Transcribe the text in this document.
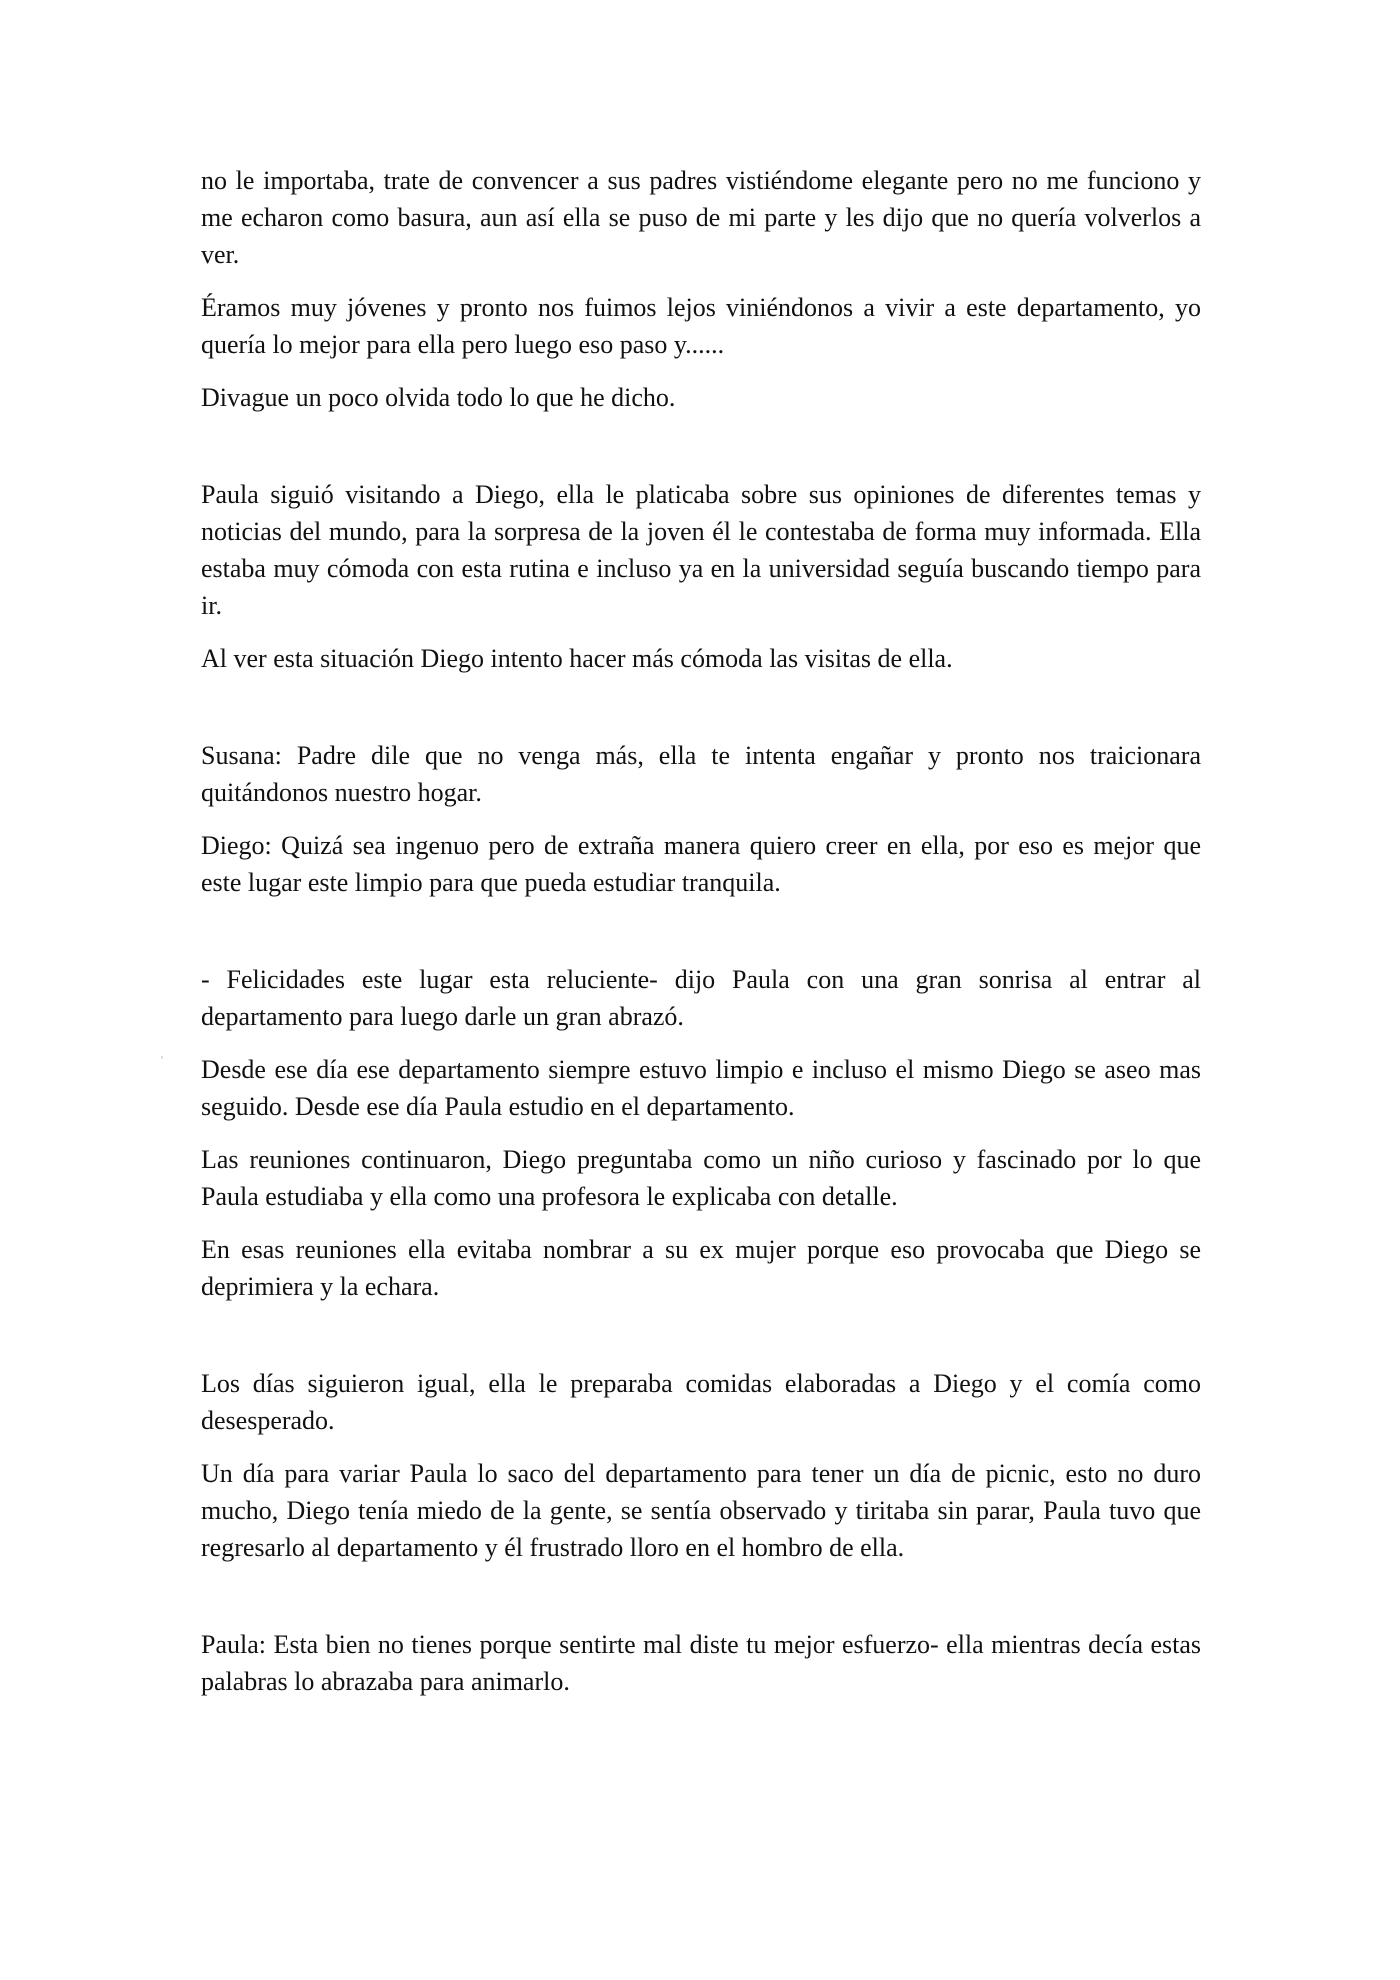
no le importaba, trate de convencer a sus padres vistiéndome elegante pero no me funciono y me echaron como basura, aun así ella se puso de mi parte y les dijo que no quería volverlos a ver.

Éramos muy jóvenes y pronto nos fuimos lejos viniéndonos a vivir a este departamento, yo quería lo mejor para ella pero luego eso paso y......

Divague un poco olvida todo lo que he dicho.

Paula siguió visitando a Diego, ella le platicaba sobre sus opiniones de diferentes temas y noticias del mundo, para la sorpresa de la joven él le contestaba de forma muy informada. Ella estaba muy cómoda con esta rutina e incluso ya en la universidad seguía buscando tiempo para ir.

Al ver esta situación Diego intento hacer más cómoda las visitas de ella.

Susana: Padre dile que no venga más, ella te intenta engañar y pronto nos traicionara quitándonos nuestro hogar.

Diego: Quizá sea ingenuo pero de extraña manera quiero creer en ella, por eso es mejor que este lugar este limpio para que pueda estudiar tranquila.

- Felicidades este lugar esta reluciente- dijo Paula con una gran sonrisa al entrar al departamento para luego darle un gran abrazó.

Desde ese día ese departamento siempre estuvo limpio e incluso el mismo Diego se aseo mas seguido. Desde ese día Paula estudio en el departamento.

Las reuniones continuaron, Diego preguntaba como un niño curioso y fascinado por lo que Paula estudiaba y ella como una profesora le explicaba con detalle.

En esas reuniones ella evitaba nombrar a su ex mujer porque eso provocaba que Diego se deprimiera y la echara.

Los días siguieron igual, ella le preparaba comidas elaboradas a Diego y el comía como desesperado.

Un día para variar Paula lo saco del departamento para tener un día de picnic, esto no duro mucho, Diego tenía miedo de la gente, se sentía observado y tiritaba sin parar, Paula tuvo que regresarlo al departamento y él frustrado lloro en el hombro de ella.

Paula: Esta bien no tienes porque sentirte mal diste tu mejor esfuerzo- ella mientras decía estas palabras lo abrazaba para animarlo.
